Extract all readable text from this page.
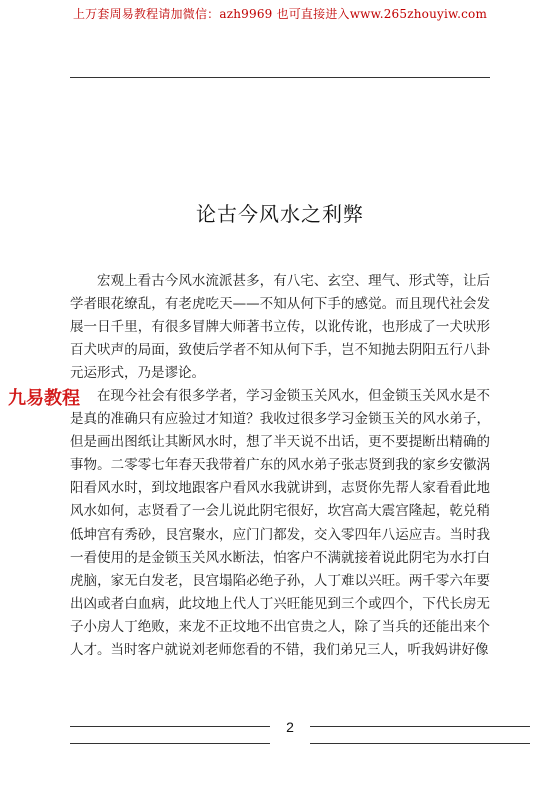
上万套周易教程请加微信：azh9969 也可直接进入www.265zhouyiw.com
论古今风水之利弊

宏观上看古今风水流派甚多，有八宅、玄空、理气、形式等，让后学者眼花缭乱，有老虎吃天——不知从何下手的感觉。而且现代社会发展一日千里，有很多冒牌大师著书立传，以讹传讹，也形成了一犬吠形百犬吠声的局面，致使后学者不知从何下手，岂不知抛去阴阳五行八卦元运形式，乃是谬论。

在现今社会有很多学者，学习金锁玉关风水，但金锁玉关风水是不是真的准确只有应验过才知道？我收过很多学习金锁玉关的风水弟子，但是画出图纸让其断风水时，想了半天说不出话，更不要提断出精确的事物。二零零七年春天我带着广东的风水弟子张志贤到我的家乡安徽涡阳看风水时，到坟地跟客户看风水我就讲到，志贤你先帮人家看看此地风水如何，志贤看了一会儿说此阴宅很好，坎宫高大震宫隆起，乾兑稍低坤宫有秀砂，艮宫聚水，应门门都发，交入零四年八运应吉。当时我一看使用的是金锁玉关风水断法，怕客户不满就接着说此阴宅为水打白虎脑，家无白发老，艮宫塌陷必绝子孙，人丁难以兴旺。两千零六年要出凶或者白血病，此坟地上代人丁兴旺能见到三个或四个，下代长房无子小房人丁绝败，来龙不正坟地不出官贵之人，除了当兵的还能出来个人才。当时客户就说刘老师您看的不错，我们弟兄三人，听我妈讲好像

九易教程
2
